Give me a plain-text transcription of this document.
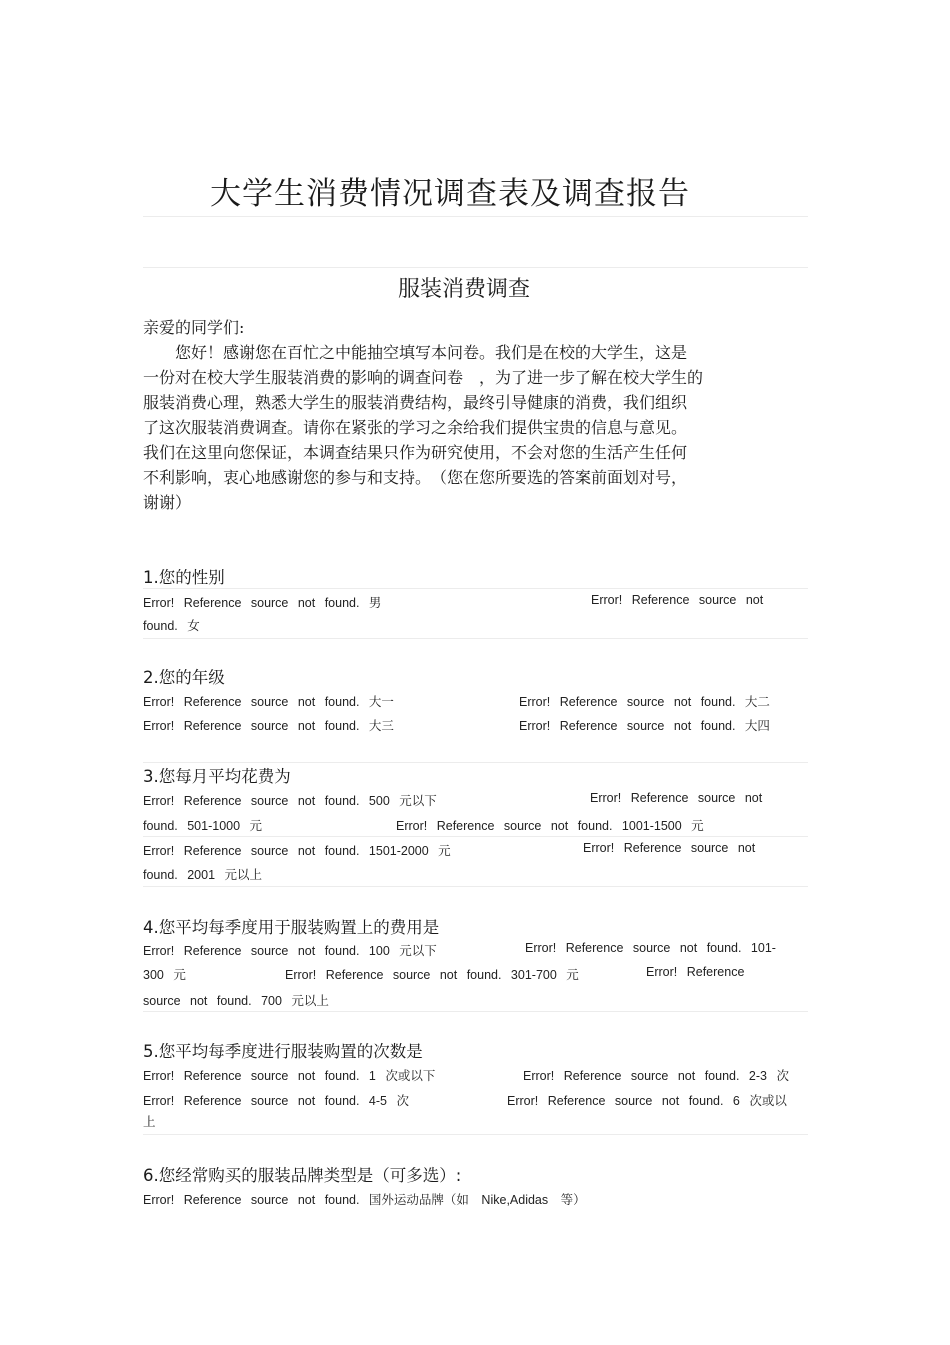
大学生消费情况调查表及调查报告
服装消费调查
亲爱的同学们:
　　您好！感谢您在百忙之中能抽空填写本问卷。我们是在校的大学生，这是
一份对在校大学生服装消费的影响的调查问卷　，为了进一步了解在校大学生的
服装消费心理，熟悉大学生的服装消费结构，最终引导健康的消费，我们组织
了这次服装消费调查。请你在紧张的学习之余给我们提供宝贵的信息与意见。
我们在这里向您保证，本调查结果只作为研究使用，不会对您的生活产生任何
不利影响，衷心地感谢您的参与和支持。　（您在您所要选的答案前面划对号，
谢谢）
1.您的性别
Error! Reference source not found. 男	Error! Reference source not
found. 女
2.您的年级
Error! Reference source not found. 大一	Error! Reference source not found. 大二
Error! Reference source not found. 大三	Error! Reference source not found. 大四
3.您每月平均花费为
Error! Reference source not found. 500 元以下	Error! Reference source not
found. 501-1000 元	Error! Reference source not found. 1001-1500 元
Error! Reference source not found. 1501-2000 元	Error! Reference source not
found. 2001 元以上
4.您平均每季度用于服装购置上的费用是
Error! Reference source not found. 100 元以下	Error! Reference source not found. 101-
300 元	Error! Reference source not found. 301-700 元	Error! Reference
source not found. 700 元以上
5.您平均每季度进行服装购置的次数是
Error! Reference source not found. 1 次或以下	Error! Reference source not found. 2-3 次
Error! Reference source not found. 4-5 次	Error! Reference source not found. 6 次或以
上
6.您经常购买的服装品牌类型是（可多选）:
Error! Reference source not found. 国外运动品牌（如　Nike,Adidas　等）
